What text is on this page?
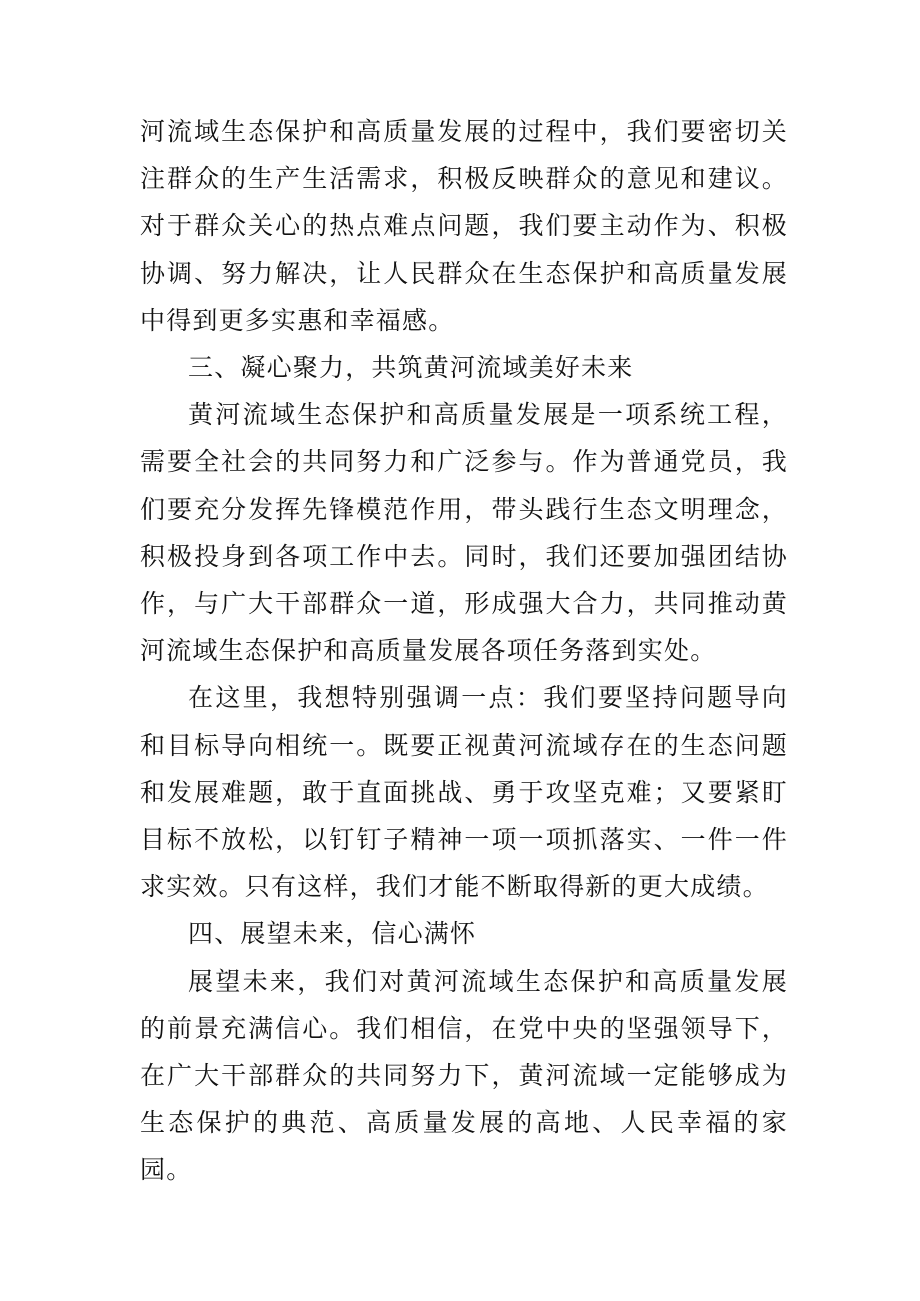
河流域生态保护和高质量发展的过程中，我们要密切关注群众的生产生活需求，积极反映群众的意见和建议。对于群众关心的热点难点问题，我们要主动作为、积极协调、努力解决，让人民群众在生态保护和高质量发展中得到更多实惠和幸福感。

三、凝心聚力，共筑黄河流域美好未来

黄河流域生态保护和高质量发展是一项系统工程，需要全社会的共同努力和广泛参与。作为普通党员，我们要充分发挥先锋模范作用，带头践行生态文明理念，积极投身到各项工作中去。同时，我们还要加强团结协作，与广大干部群众一道，形成强大合力，共同推动黄河流域生态保护和高质量发展各项任务落到实处。

在这里，我想特别强调一点：我们要坚持问题导向和目标导向相统一。既要正视黄河流域存在的生态问题和发展难题，敢于直面挑战、勇于攻坚克难；又要紧盯目标不放松，以钉钉子精神一项一项抓落实、一件一件求实效。只有这样，我们才能不断取得新的更大成绩。

四、展望未来，信心满怀

展望未来，我们对黄河流域生态保护和高质量发展的前景充满信心。我们相信，在党中央的坚强领导下，在广大干部群众的共同努力下，黄河流域一定能够成为生态保护的典范、高质量发展的高地、人民幸福的家园。
